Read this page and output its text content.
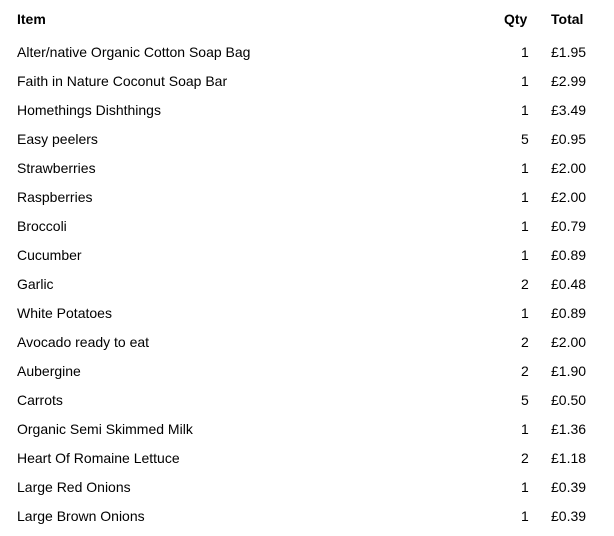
Item	Qty	Total
Alter/native Organic Cotton Soap Bag	1	£1.95
Faith in Nature Coconut Soap Bar	1	£2.99
Homethings Dishthings	1	£3.49
Easy peelers	5	£0.95
Strawberries	1	£2.00
Raspberries	1	£2.00
Broccoli	1	£0.79
Cucumber	1	£0.89
Garlic	2	£0.48
White Potatoes	1	£0.89
Avocado ready to eat	2	£2.00
Aubergine	2	£1.90
Carrots	5	£0.50
Organic Semi Skimmed Milk	1	£1.36
Heart Of Romaine Lettuce	2	£1.18
Large Red Onions	1	£0.39
Large Brown Onions	1	£0.39
